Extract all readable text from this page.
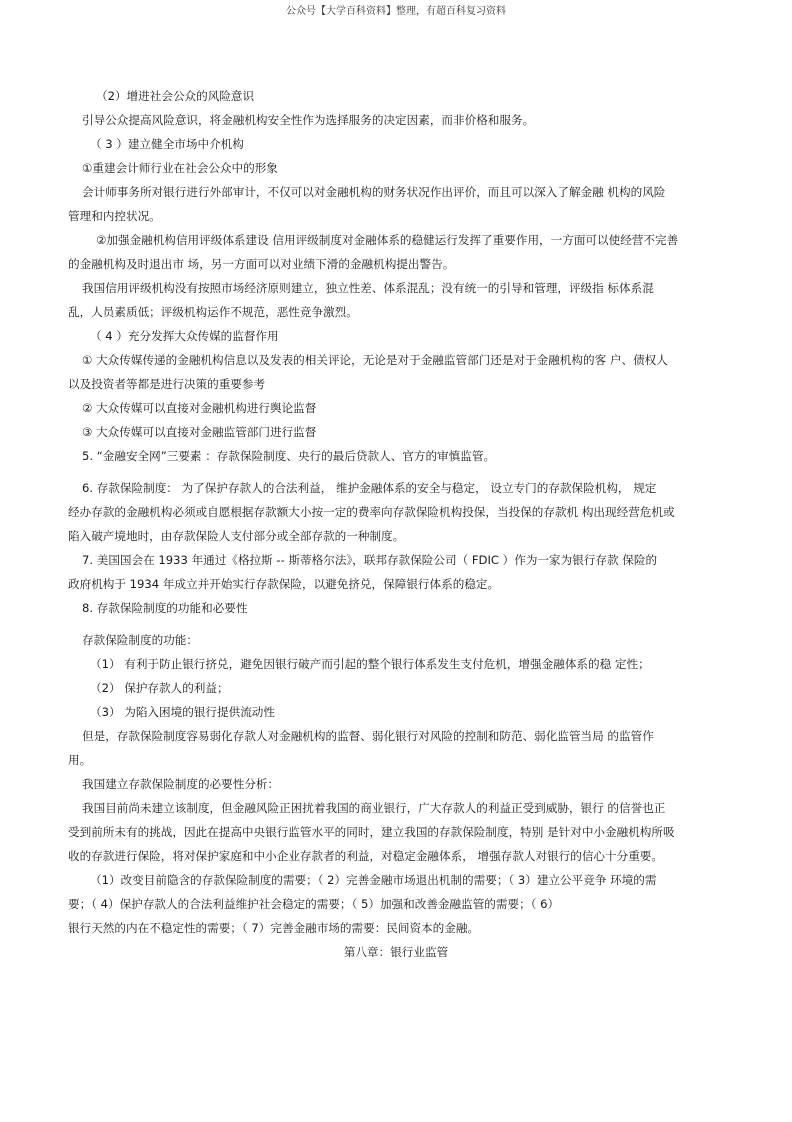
公众号【大学百科资料】整理，有超百科复习资料

（2）增进社会公众的风险意识

引导公众提高风险意识，将金融机构安全性作为选择服务的决定因素，而非价格和服务。

（ 3 ）建立健全市场中介机构

①重建会计师行业在社会公众中的形象

会计师事务所对银行进行外部审计，不仅可以对金融机构的财务状况作出评价，而且可以深入了解金融 机构的风险

管理和内控状况。

②加强金融机构信用评级体系建设 信用评级制度对金融体系的稳健运行发挥了重要作用，一方面可以使经营不完善

的金融机构及时退出市 场，另一方面可以对业绩下滑的金融机构提出警告。

我国信用评级机构没有按照市场经济原则建立，独立性差、体系混乱；没有统一的引导和管理，评级指 标体系混

乱，人员素质低；评级机构运作不规范，恶性竞争激烈。

（ 4 ）充分发挥大众传媒的监督作用

① 大众传媒传递的金融机构信息以及发表的相关评论，无论是对于金融监管部门还是对于金融机构的客 户、债权人

以及投资者等都是进行决策的重要参考

② 大众传媒可以直接对金融机构进行舆论监督

③ 大众传媒可以直接对金融监管部门进行监督

5. “金融安全网”三要素 ：存款保险制度、央行的最后贷款人、官方的审慎监管。

6. 存款保险制度： 为了保护存款人的合法利益， 维护金融体系的安全与稳定， 设立专门的存款保险机构， 规定

经办存款的金融机构必须或自愿根据存款额大小按一定的费率向存款保险机构投保，当投保的存款机 构出现经营危机或

陷入破产境地时，由存款保险人支付部分或全部存款的一种制度。

7. 美国国会在 1933 年通过《格拉斯 -- 斯蒂格尔法》，联邦存款保险公司（ FDIC ）作为一家为银行存款 保险的

政府机构于 1934 年成立并开始实行存款保险，以避免挤兑，保障银行体系的稳定。

8. 存款保险制度的功能和必要性

存款保险制度的功能：

（1） 有利于防止银行挤兑，避免因银行破产而引起的整个银行体系发生支付危机，增强金融体系的稳 定性；

（2） 保护存款人的利益；

（3） 为陷入困境的银行提供流动性

但是，存款保险制度容易弱化存款人对金融机构的监督、弱化银行对风险的控制和防范、弱化监管当局 的监管作

用。

我国建立存款保险制度的必要性分析：

我国目前尚未建立该制度，但金融风险正困扰着我国的商业银行，广大存款人的利益正受到威胁，银行 的信誉也正

受到前所未有的挑战，因此在提高中央银行监管水平的同时，建立我国的存款保险制度，特别 是针对中小金融机构所吸

收的存款进行保险，将对保护家庭和中小企业存款者的利益，对稳定金融体系， 增强存款人对银行的信心十分重要。

（1）改变目前隐含的存款保险制度的需要；（ 2）完善金融市场退出机制的需要；（ 3）建立公平竞争 环境的需

要；（ 4）保护存款人的合法利益维护社会稳定的需要；（ 5）加强和改善金融监管的需要；（ 6）

银行天然的内在不稳定性的需要；（ 7）完善金融市场的需要：民间资本的金融。

第八章：银行业监管
